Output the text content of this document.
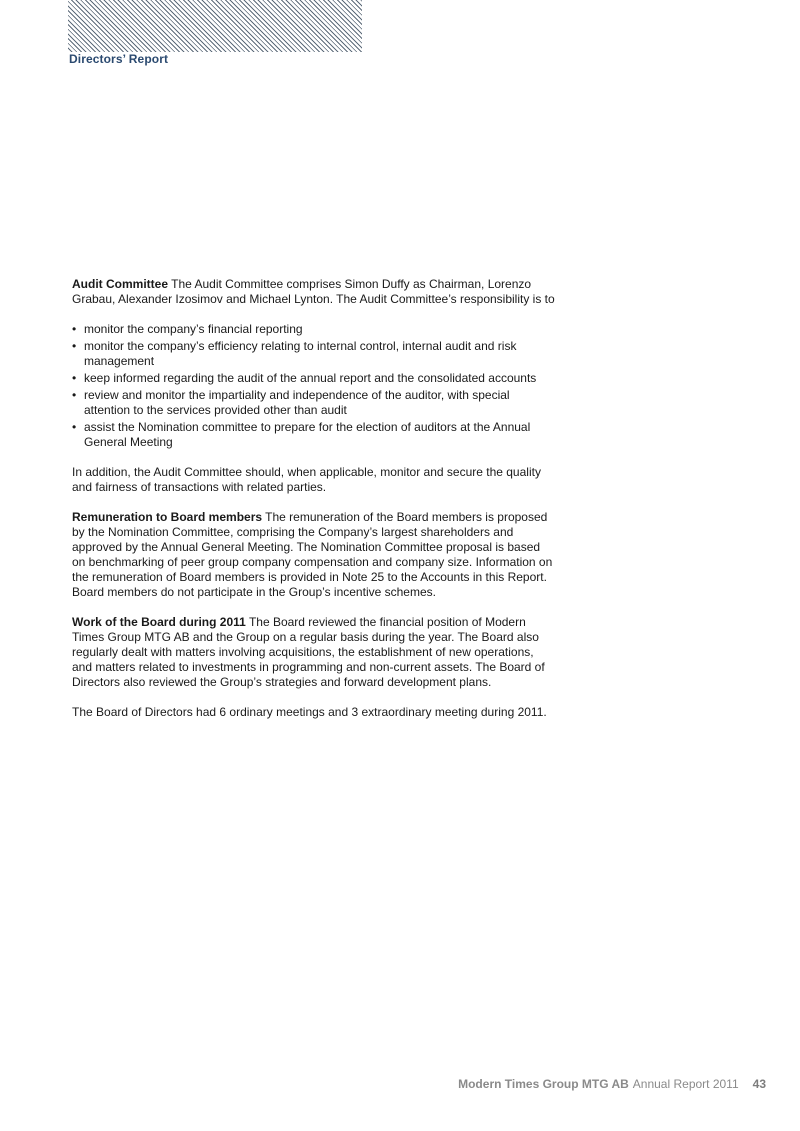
Directors’ Report

Audit Committee The Audit Committee comprises Simon Duffy as Chairman, Lorenzo Grabau, Alexander Izosimov and Michael Lynton. The Audit Committee’s responsibility is to

• monitor the company’s financial reporting
• monitor the company’s efficiency relating to internal control, internal audit and risk management
• keep informed regarding the audit of the annual report and the consolidated accounts
• review and monitor the impartiality and independence of the auditor, with special attention to the services provided other than audit
• assist the Nomination committee to prepare for the election of auditors at the Annual General Meeting

In addition, the Audit Committee should, when applicable, monitor and secure the quality and fairness of transactions with related parties.

Remuneration to Board members The remuneration of the Board members is proposed by the Nomination Committee, comprising the Company’s largest shareholders and approved by the Annual General Meeting. The Nomination Committee proposal is based on benchmarking of peer group company compensation and company size. Information on the remuneration of Board members is provided in Note 25 to the Accounts in this Report. Board members do not participate in the Group’s incentive schemes.

Work of the Board during 2011 The Board reviewed the financial position of Modern Times Group MTG AB and the Group on a regular basis during the year. The Board also regularly dealt with matters involving acquisitions, the establishment of new operations, and matters related to investments in programming and non-current assets. The Board of Directors also reviewed the Group’s strategies and forward development plans.

The Board of Directors had 6 ordinary meetings and 3 extraordinary meeting during 2011.

Modern Times Group MTG AB Annual Report 2011 43
